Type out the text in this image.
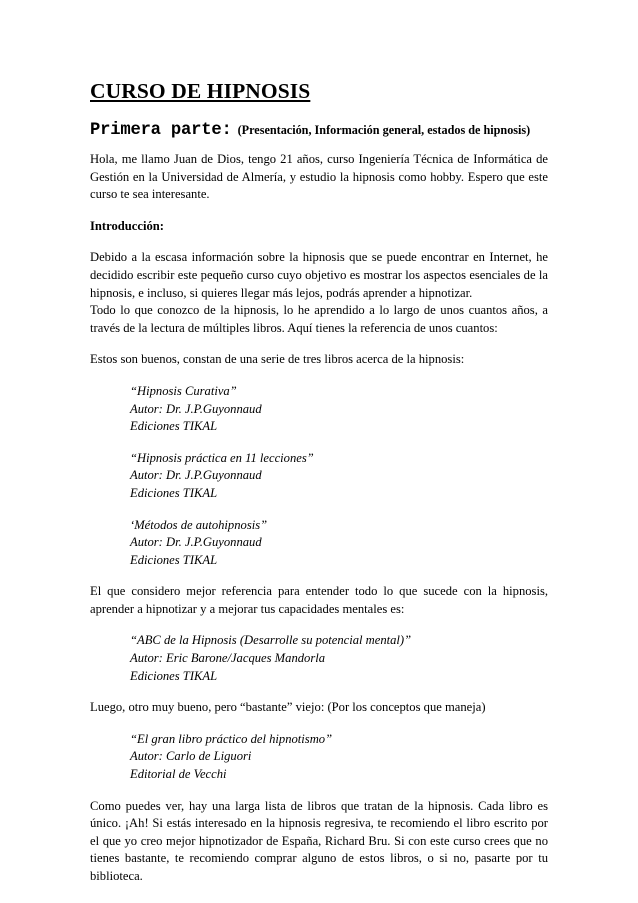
CURSO DE HIPNOSIS
Primera parte: (Presentación, Información general, estados de hipnosis)

Hola, me llamo Juan de Dios, tengo 21 años, curso Ingeniería Técnica de Informática de Gestión en la Universidad de Almería, y estudio la hipnosis como hobby. Espero que este curso te sea interesante.

Introducción:

Debido a la escasa información sobre la hipnosis que se puede encontrar en Internet, he decidido escribir este pequeño curso cuyo objetivo es mostrar los aspectos esenciales de la hipnosis, e incluso, si quieres llegar más lejos, podrás aprender a hipnotizar.

Todo lo que conozco de la hipnosis, lo he aprendido a lo largo de unos cuantos años, a través de la lectura de múltiples libros. Aquí tienes la referencia de unos cuantos:

Estos son buenos, constan de una serie de tres libros acerca de la hipnosis:

“Hipnosis Curativa”
Autor: Dr. J.P.Guyonnaud
Ediciones TIKAL
“Hipnosis práctica en 11 lecciones”
Autor: Dr. J.P.Guyonnaud
Ediciones TIKAL
‘Métodos de autohipnosis”
Autor: Dr. J.P.Guyonnaud
Ediciones TIKAL

El que considero mejor referencia para entender todo lo que sucede con la hipnosis, aprender a hipnotizar y a mejorar tus capacidades mentales es:

“ABC de la Hipnosis (Desarrolle su potencial mental)”
Autor: Eric Barone/Jacques Mandorla
Ediciones TIKAL

Luego, otro muy bueno, pero “bastante” viejo: (Por los conceptos que maneja)

“El gran libro práctico del hipnotismo”
Autor: Carlo de Liguori
Editorial de Vecchi

Como puedes ver, hay una larga lista de libros que tratan de la hipnosis. Cada libro es único. ¡Ah! Si estás interesado en la hipnosis regresiva, te recomiendo el libro escrito por el que yo creo mejor hipnotizador de España, Richard Bru. Si con este curso crees que no tienes bastante, te recomiendo comprar alguno de estos libros, o si no, pasarte por tu biblioteca.
